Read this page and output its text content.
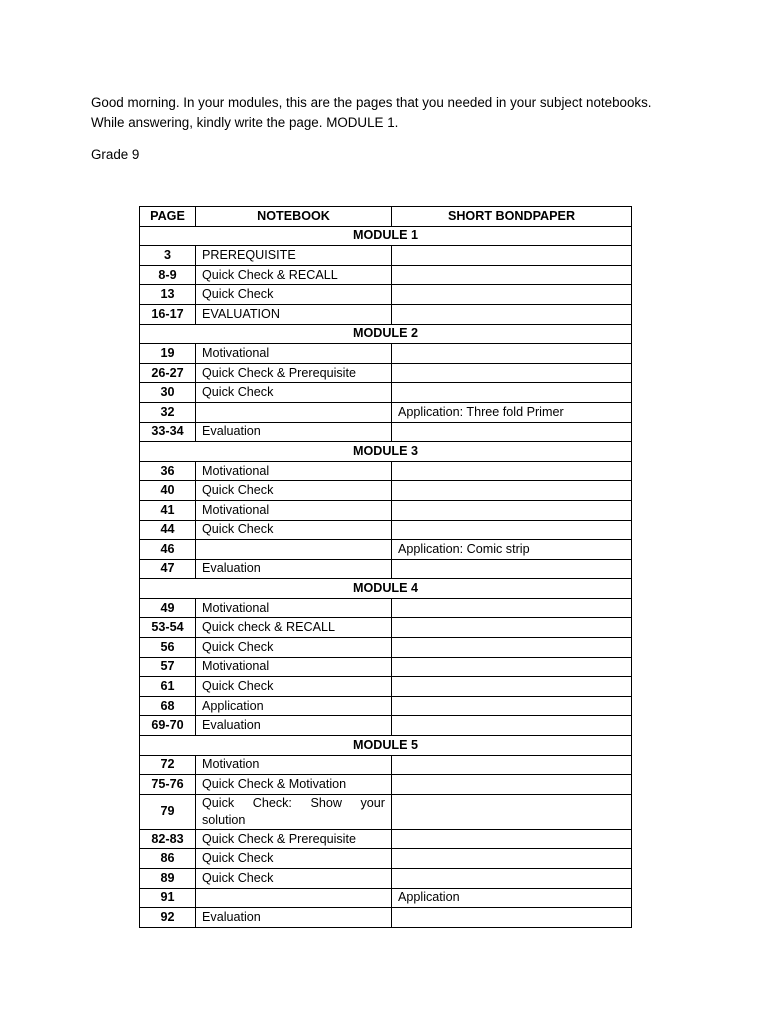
Good morning. In your modules, this are the pages that you needed in your subject notebooks.
While answering, kindly write the page. MODULE 1.
Grade 9
PAGE	NOTEBOOK	SHORT BONDPAPER
MODULE 1		
3	PREREQUISITE	
8-9	Quick Check & RECALL	
13	Quick Check	
16-17	EVALUATION	
MODULE 2		
19	Motivational	
26-27	Quick Check & Prerequisite	
30	Quick Check	
32		Application: Three fold Primer
33-34	Evaluation	
MODULE 3		
36	Motivational	
40	Quick Check	
41	Motivational	
44	Quick Check	
46		Application: Comic strip
47	Evaluation	
MODULE 4		
49	Motivational	
53-54	Quick check & RECALL	
56	Quick Check	
57	Motivational	
61	Quick Check	
68	Application	
69-70	Evaluation	
MODULE 5		
72	Motivation	
75-76	Quick Check & Motivation	
79	Quick Check: Show your solution	
82-83	Quick Check & Prerequisite	
86	Quick Check	
89	Quick Check	
91		Application
92	Evaluation	
